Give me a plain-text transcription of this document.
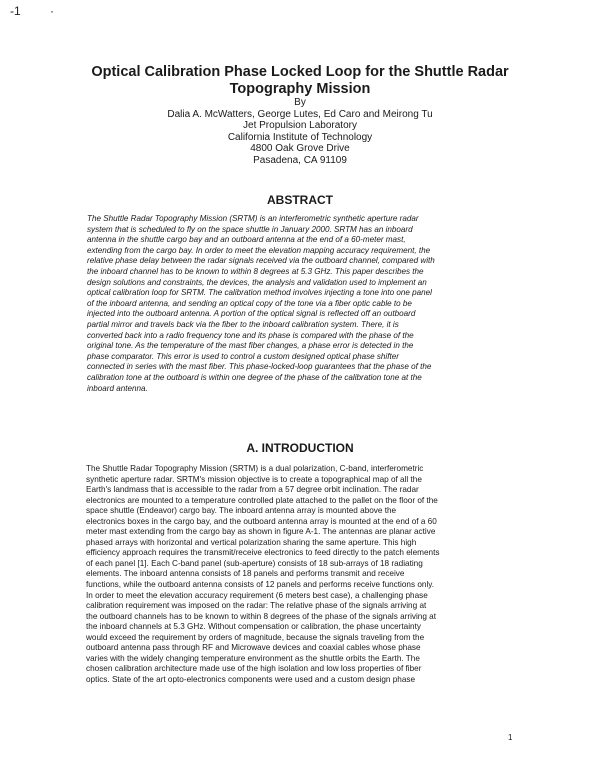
-1 ·
Optical Calibration Phase Locked Loop for the Shuttle Radar
Topography Mission
By
Dalia A. McWatters, George Lutes, Ed Caro and Meirong Tu
Jet Propulsion Laboratory
California Institute of Technology
4800 Oak Grove Drive
Pasadena, CA 91109
ABSTRACT

The Shuttle Radar Topography Mission (SRTM) is an interferometric synthetic aperture radar
system that is scheduled to fly on the space shuttle in January 2000. SRTM has an inboard
antenna in the shuttle cargo bay and an outboard antenna at the end of a 60-meter mast,
extending from the cargo bay. In order to meet the elevation mapping accuracy requirement, the
relative phase delay between the radar signals received via the outboard channel, compared with
the inboard channel has to be known to within 8 degrees at 5.3 GHz. This paper describes the
design solutions and constraints, the devices, the analysis and validation used to implement an
optical calibration loop for SRTM. The calibration method involves injecting a tone into one panel
of the inboard antenna, and sending an optical copy of the tone via a fiber optic cable to be
injected into the outboard antenna. A portion of the optical signal is reflected off an outboard
partial mirror and travels back via the fiber to the inboard calibration system. There, it is
converted back into a radio frequency tone and its phase is compared with the phase of the
original tone. As the temperature of the mast fiber changes, a phase error is detected in the
phase comparator. This error is used to control a custom designed optical phase shifter
connected in series with the mast fiber. This phase-locked-loop guarantees that the phase of the
calibration tone at the outboard is within one degree of the phase of the calibration tone at the
inboard antenna.

A. INTRODUCTION

The Shuttle Radar Topography Mission (SRTM) is a dual polarization, C-band, interferometric
synthetic aperture radar. SRTM's mission objective is to create a topographical map of all the
Earth's landmass that is accessible to the radar from a 57 degree orbit inclination. The radar
electronics are mounted to a temperature controlled plate attached to the pallet on the floor of the
space shuttle (Endeavor) cargo bay. The inboard antenna array is mounted above the
electronics boxes in the cargo bay, and the outboard antenna array is mounted at the end of a 60
meter mast extending from the cargo bay as shown in figure A-1. The antennas are planar active
phased arrays with horizontal and vertical polarization sharing the same aperture. This high
efficiency approach requires the transmit/receive electronics to feed directly to the patch elements
of each panel [1]. Each C-band panel (sub-aperture) consists of 18 sub-arrays of 18 radiating
elements. The inboard antenna consists of 18 panels and performs transmit and receive
functions, while the outboard antenna consists of 12 panels and performs receive functions only.
In order to meet the elevation accuracy requirement (6 meters best case), a challenging phase
calibration requirement was imposed on the radar: The relative phase of the signals arriving at
the outboard channels has to be known to within 8 degrees of the phase of the signals arriving at
the inboard channels at 5.3 GHz. Without compensation or calibration, the phase uncertainty
would exceed the requirement by orders of magnitude, because the signals traveling from the
outboard antenna pass through RF and Microwave devices and coaxial cables whose phase
varies with the widely changing temperature environment as the shuttle orbits the Earth. The
chosen calibration architecture made use of the high isolation and low loss properties of fiber
optics. State of the art opto-electronics components were used and a custom design phase

1
